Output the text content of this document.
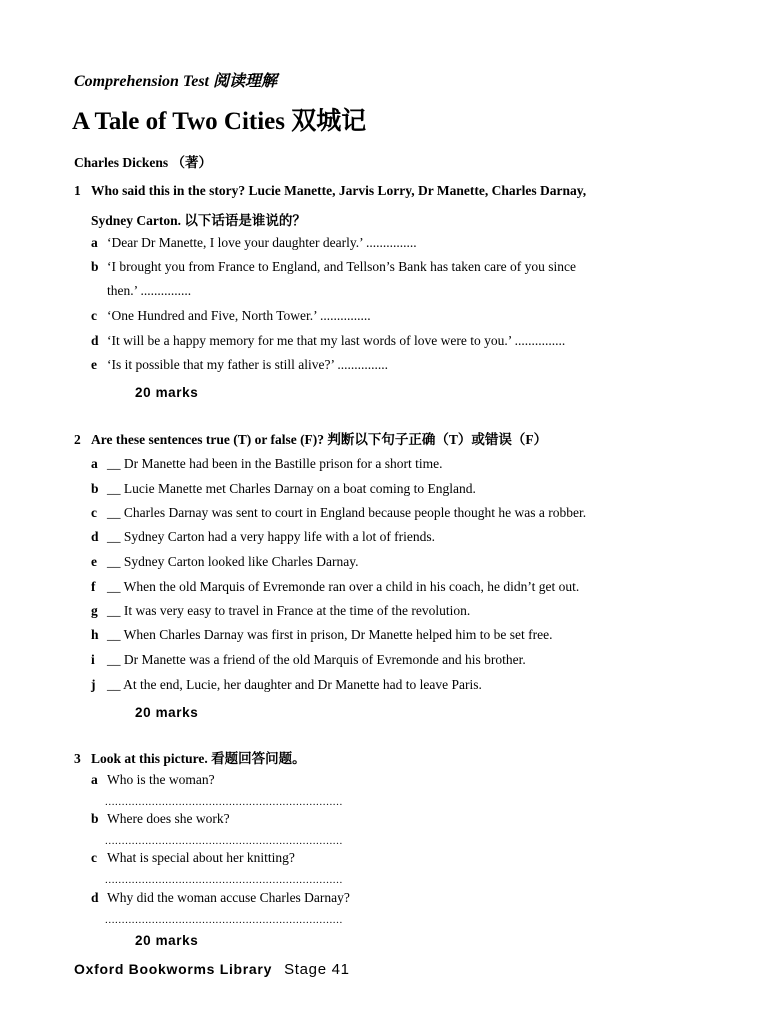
Comprehension Test 阅读理解
A Tale of Two Cities 双城记
Charles Dickens （著）
1 Who said this in the story? Lucie Manette, Jarvis Lorry, Dr Manette, Charles Darnay,
Sydney Carton. 以下话语是谁说的？
a ‘Dear Dr Manette, I love your daughter dearly.’ ...............
b ‘I brought you from France to England, and Tellson’s Bank has taken care of you since
then.’ ...............
c ‘One Hundred and Five, North Tower.’ ...............
d ‘It will be a happy memory for me that my last words of love were to you.’ ...............
e ‘Is it possible that my father is still alive?’ ...............
20 marks
2 Are these sentences true (T) or false (F)? 判断以下句子正确（T）或错误（F）
a __ Dr Manette had been in the Bastille prison for a short time.
b __ Lucie Manette met Charles Darnay on a boat coming to England.
c __ Charles Darnay was sent to court in England because people thought he was a robber.
d __ Sydney Carton had a very happy life with a lot of friends.
e __ Sydney Carton looked like Charles Darnay.
f __ When the old Marquis of Evremonde ran over a child in his coach, he didn’t get out.
g __ It was very easy to travel in France at the time of the revolution.
h __ When Charles Darnay was first in prison, Dr Manette helped him to be set free.
i __ Dr Manette was a friend of the old Marquis of Evremonde and his brother.
j __ At the end, Lucie, her daughter and Dr Manette had to leave Paris.
20 marks
3 Look at this picture. 看题回答问题。
a Who is the woman?
.......................................................................
b Where does she work?
.......................................................................
c What is special about her knitting?
.......................................................................
d Why did the woman accuse Charles Darnay?
.......................................................................
20 marks
Oxford Bookworms Library Stage 41
